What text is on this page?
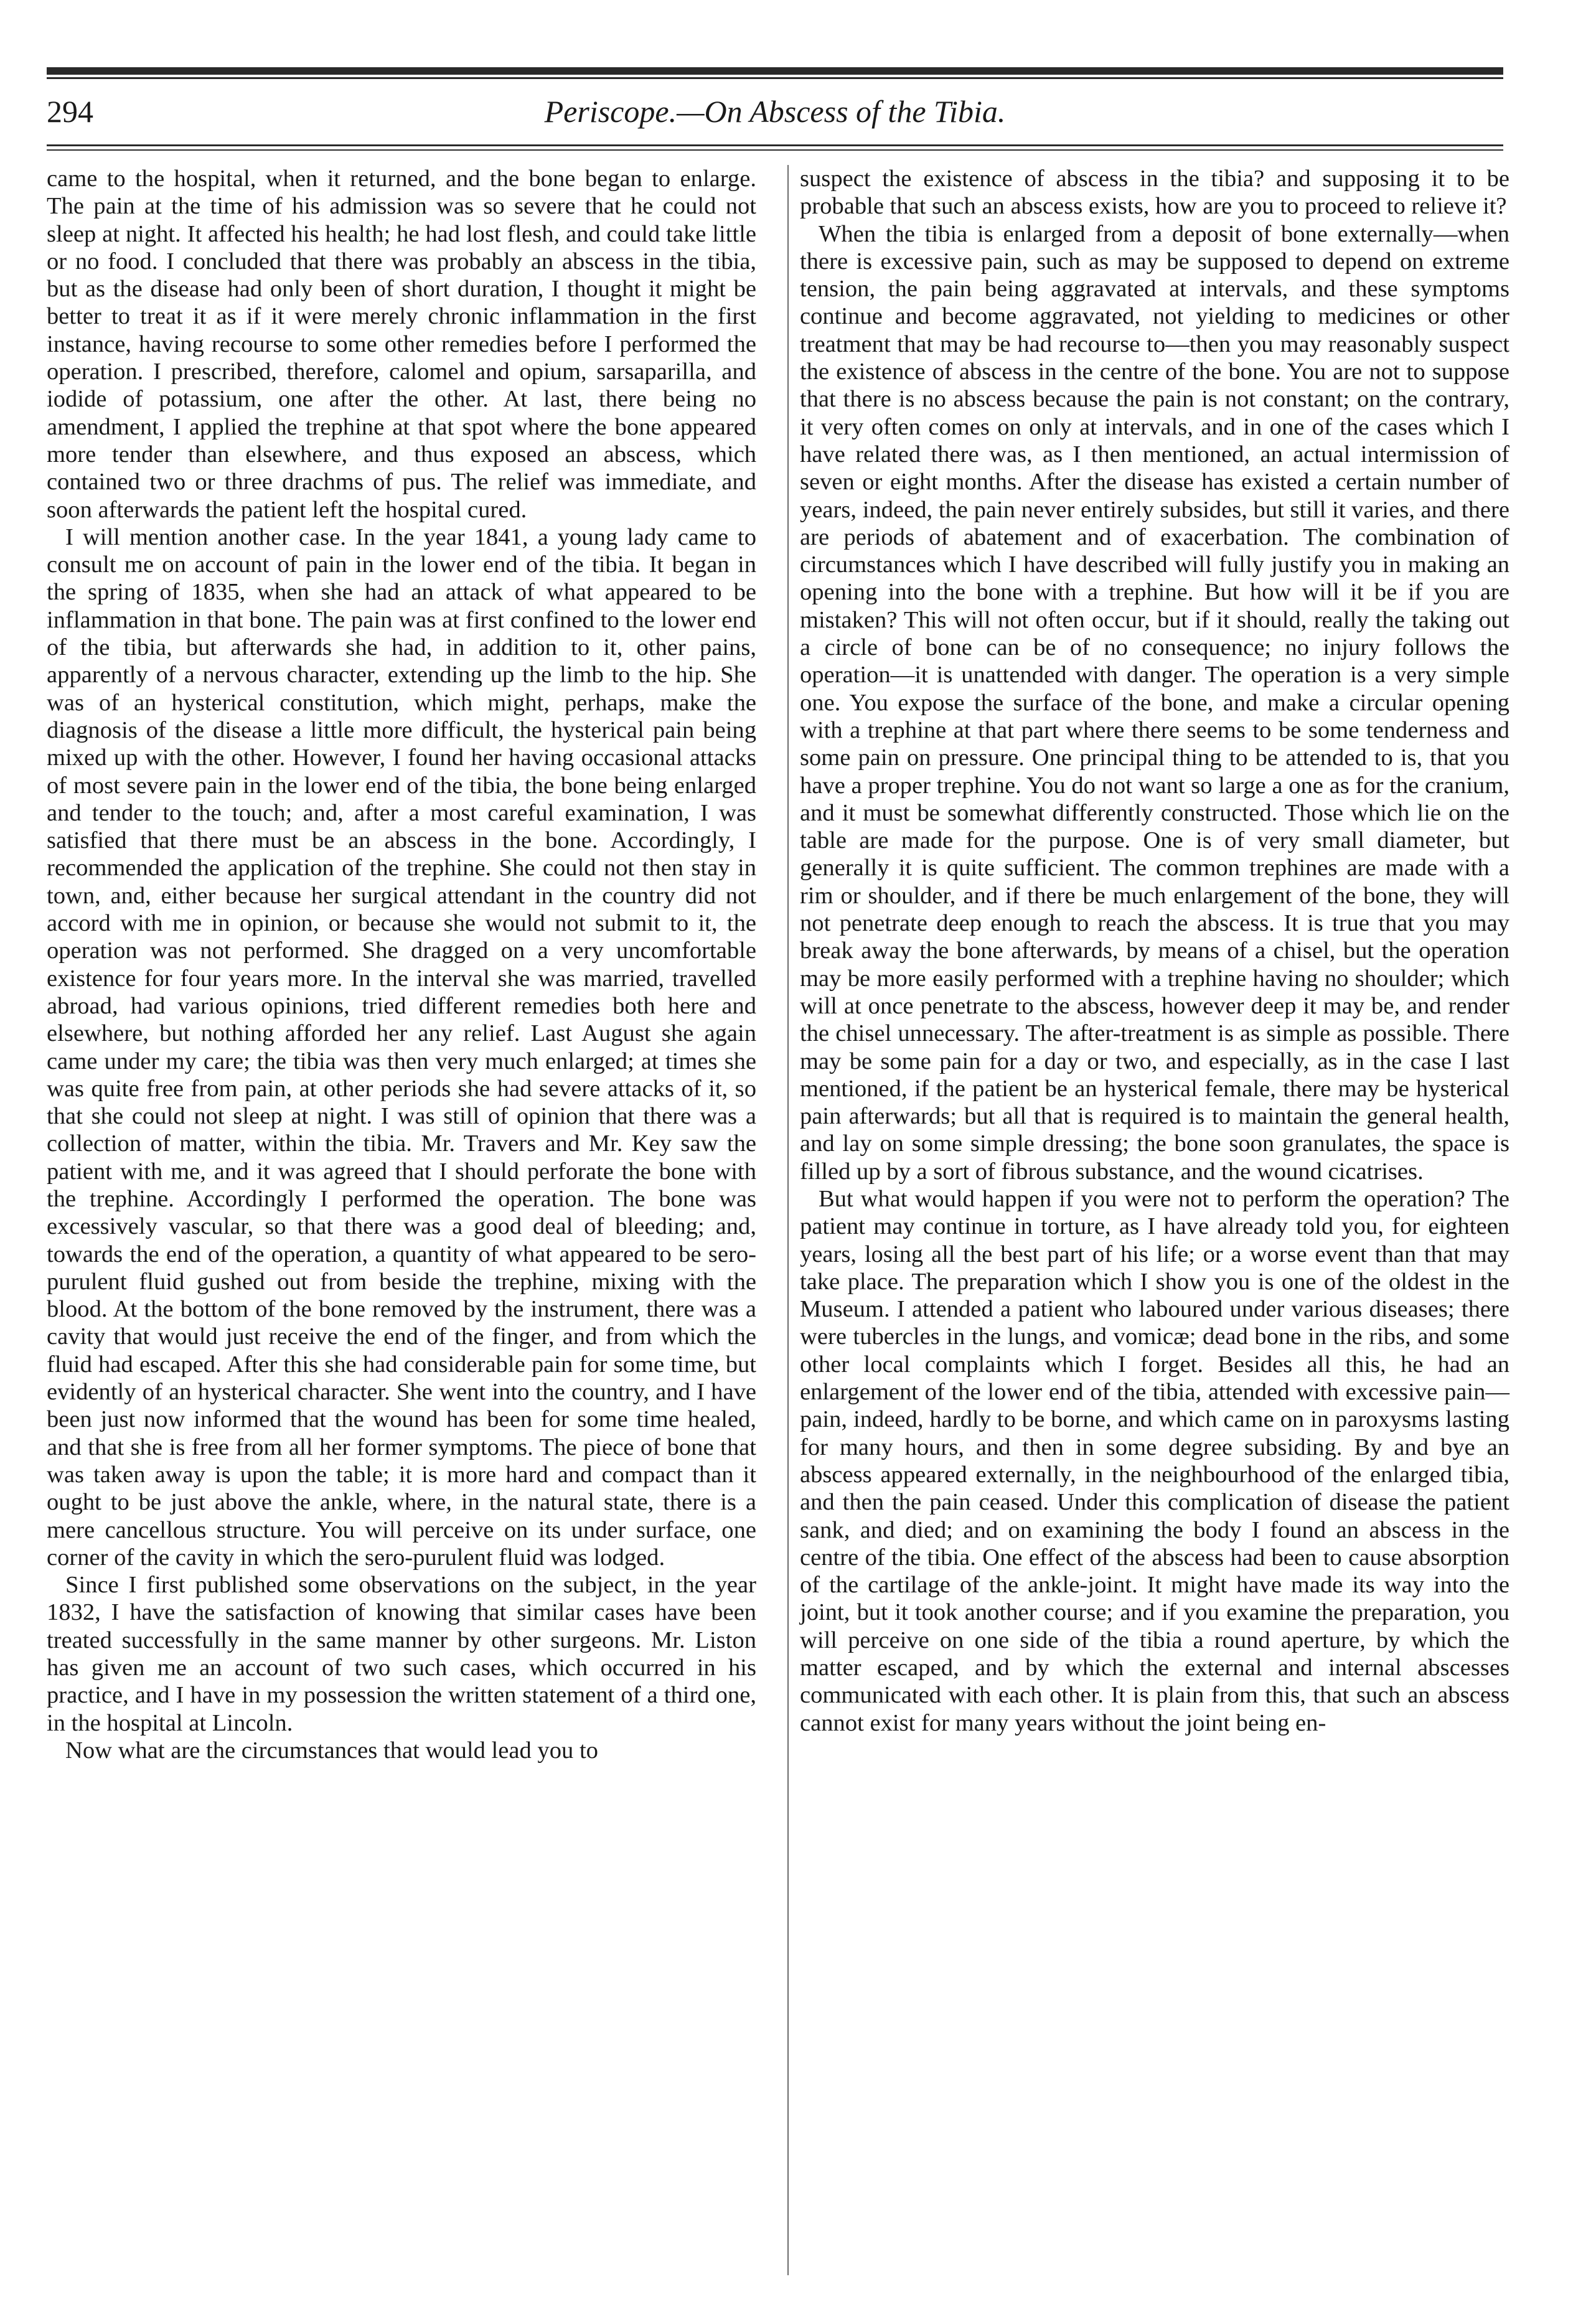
294	Periscope.—On Abscess of the Tibia.

came to the hospital, when it returned, and the bone began to enlarge. The pain at the time of his admission was so severe that he could not sleep at night. It affected his health; he had lost flesh, and could take little or no food. I concluded that there was probably an abscess in the tibia, but as the disease had only been of short duration, I thought it might be better to treat it as if it were merely chronic inflammation in the first instance, having recourse to some other remedies before I performed the operation. I prescribed, therefore, calomel and opium, sarsaparilla, and iodide of potassium, one after the other. At last, there being no amendment, I applied the trephine at that spot where the bone appeared more tender than elsewhere, and thus exposed an abscess, which contained two or three drachms of pus. The relief was immediate, and soon afterwards the patient left the hospital cured.

I will mention another case. In the year 1841, a young lady came to consult me on account of pain in the lower end of the tibia. It began in the spring of 1835, when she had an attack of what appeared to be inflammation in that bone. The pain was at first confined to the lower end of the tibia, but afterwards she had, in addition to it, other pains, apparently of a nervous character, extending up the limb to the hip. She was of an hysterical constitution, which might, perhaps, make the diagnosis of the disease a little more difficult, the hysterical pain being mixed up with the other. However, I found her having occasional attacks of most severe pain in the lower end of the tibia, the bone being enlarged and tender to the touch; and, after a most careful examination, I was satisfied that there must be an abscess in the bone. Accordingly, I recommended the application of the trephine. She could not then stay in town, and, either because her surgical attendant in the country did not accord with me in opinion, or because she would not submit to it, the operation was not performed. She dragged on a very uncomfortable existence for four years more. In the interval she was married, travelled abroad, had various opinions, tried different remedies both here and elsewhere, but nothing afforded her any relief. Last August she again came under my care; the tibia was then very much enlarged; at times she was quite free from pain, at other periods she had severe attacks of it, so that she could not sleep at night. I was still of opinion that there was a collection of matter, within the tibia. Mr. Travers and Mr. Key saw the patient with me, and it was agreed that I should perforate the bone with the trephine. Accordingly I performed the operation. The bone was excessively vascular, so that there was a good deal of bleeding; and, towards the end of the operation, a quantity of what appeared to be sero-purulent fluid gushed out from beside the trephine, mixing with the blood. At the bottom of the bone removed by the instrument, there was a cavity that would just receive the end of the finger, and from which the fluid had escaped. After this she had considerable pain for some time, but evidently of an hysterical character. She went into the country, and I have been just now informed that the wound has been for some time healed, and that she is free from all her former symptoms. The piece of bone that was taken away is upon the table; it is more hard and compact than it ought to be just above the ankle, where, in the natural state, there is a mere cancellous structure. You will perceive on its under surface, one corner of the cavity in which the sero-purulent fluid was lodged.

Since I first published some observations on the subject, in the year 1832, I have the satisfaction of knowing that similar cases have been treated successfully in the same manner by other surgeons. Mr. Liston has given me an account of two such cases, which occurred in his practice, and I have in my possession the written statement of a third one, in the hospital at Lincoln.

Now what are the circumstances that would lead you to

suspect the existence of abscess in the tibia? and supposing it to be probable that such an abscess exists, how are you to proceed to relieve it?

When the tibia is enlarged from a deposit of bone externally—when there is excessive pain, such as may be supposed to depend on extreme tension, the pain being aggravated at intervals, and these symptoms continue and become aggravated, not yielding to medicines or other treatment that may be had recourse to—then you may reasonably suspect the existence of abscess in the centre of the bone. You are not to suppose that there is no abscess because the pain is not constant; on the contrary, it very often comes on only at intervals, and in one of the cases which I have related there was, as I then mentioned, an actual intermission of seven or eight months. After the disease has existed a certain number of years, indeed, the pain never entirely subsides, but still it varies, and there are periods of abatement and of exacerbation. The combination of circumstances which I have described will fully justify you in making an opening into the bone with a trephine. But how will it be if you are mistaken? This will not often occur, but if it should, really the taking out a circle of bone can be of no consequence; no injury follows the operation—it is unattended with danger. The operation is a very simple one. You expose the surface of the bone, and make a circular opening with a trephine at that part where there seems to be some tenderness and some pain on pressure. One principal thing to be attended to is, that you have a proper trephine. You do not want so large a one as for the cranium, and it must be somewhat differently constructed. Those which lie on the table are made for the purpose. One is of very small diameter, but generally it is quite sufficient. The common trephines are made with a rim or shoulder, and if there be much enlargement of the bone, they will not penetrate deep enough to reach the abscess. It is true that you may break away the bone afterwards, by means of a chisel, but the operation may be more easily performed with a trephine having no shoulder; which will at once penetrate to the abscess, however deep it may be, and render the chisel unnecessary. The after-treatment is as simple as possible. There may be some pain for a day or two, and especially, as in the case I last mentioned, if the patient be an hysterical female, there may be hysterical pain afterwards; but all that is required is to maintain the general health, and lay on some simple dressing; the bone soon granulates, the space is filled up by a sort of fibrous substance, and the wound cicatrises.

But what would happen if you were not to perform the operation? The patient may continue in torture, as I have already told you, for eighteen years, losing all the best part of his life; or a worse event than that may take place. The preparation which I show you is one of the oldest in the Museum. I attended a patient who laboured under various diseases; there were tubercles in the lungs, and vomicæ; dead bone in the ribs, and some other local complaints which I forget. Besides all this, he had an enlargement of the lower end of the tibia, attended with excessive pain—pain, indeed, hardly to be borne, and which came on in paroxysms lasting for many hours, and then in some degree subsiding. By and bye an abscess appeared externally, in the neighbourhood of the enlarged tibia, and then the pain ceased. Under this complication of disease the patient sank, and died; and on examining the body I found an abscess in the centre of the tibia. One effect of the abscess had been to cause absorption of the cartilage of the ankle-joint. It might have made its way into the joint, but it took another course; and if you examine the preparation, you will perceive on one side of the tibia a round aperture, by which the matter escaped, and by which the external and internal abscesses communicated with each other. It is plain from this, that such an abscess cannot exist for many years without the joint being en-
